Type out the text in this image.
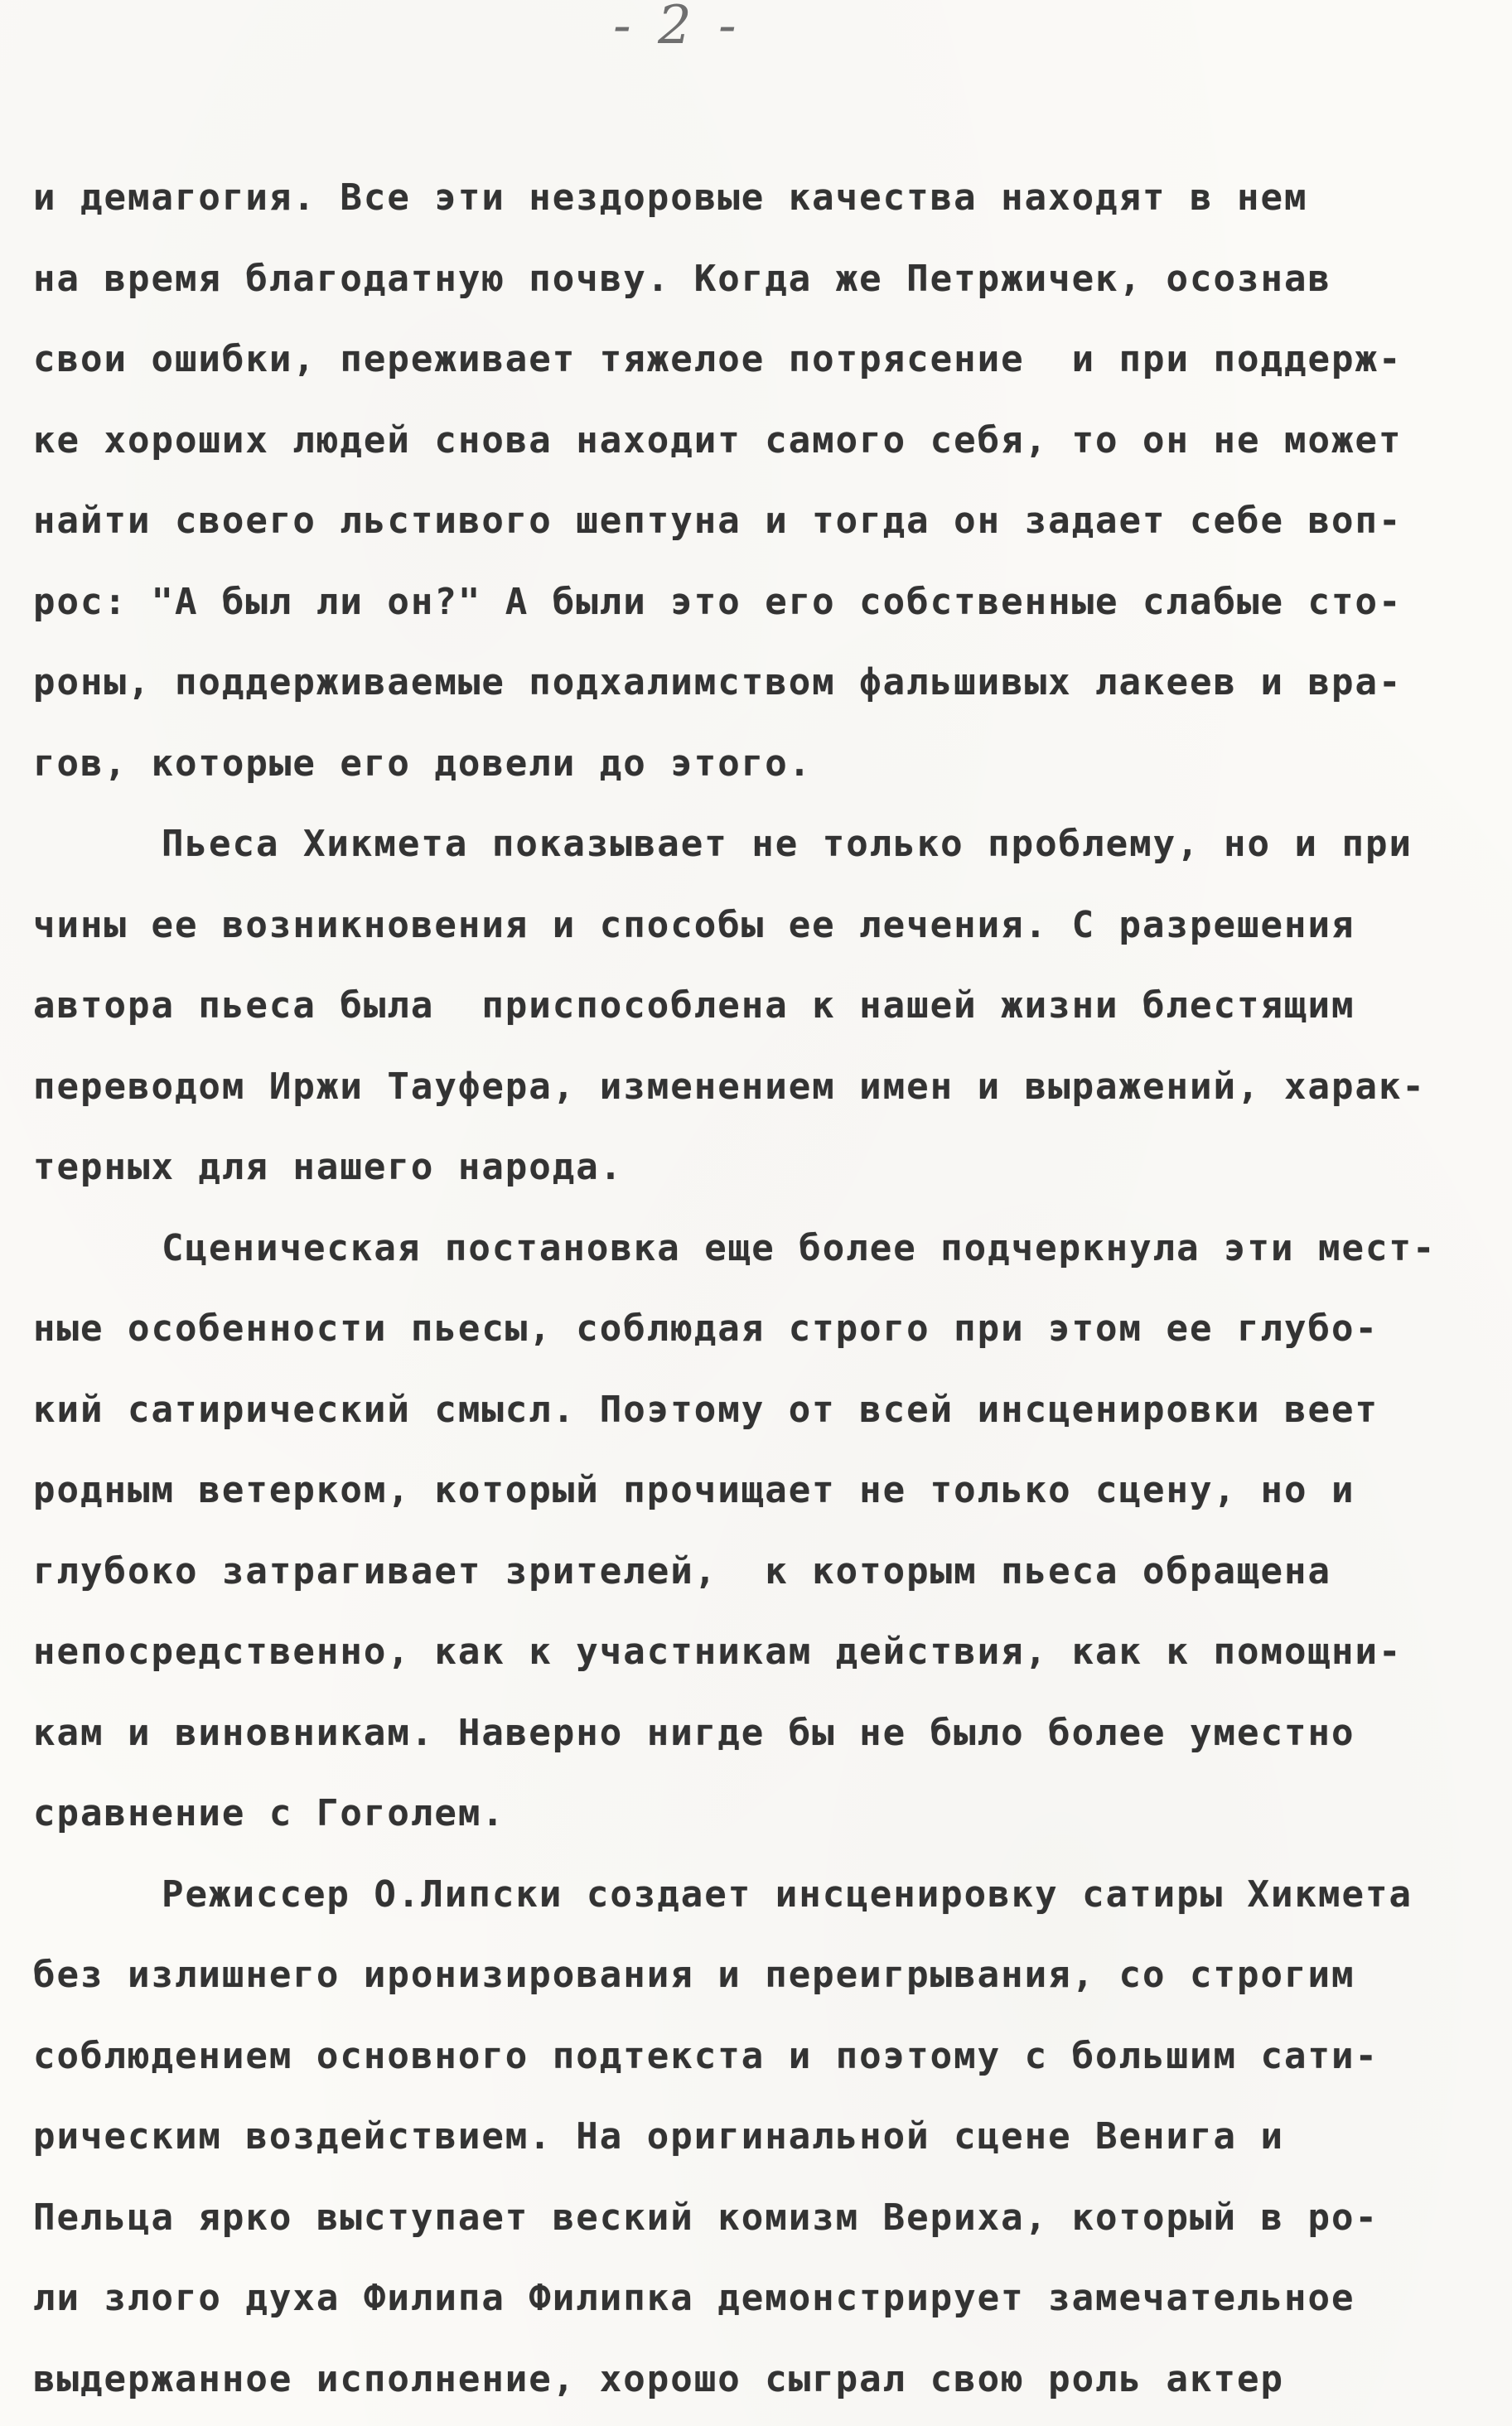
- 2 -
и демагогия. Все эти нездоровые качества находят в нем
на время благодатную почву. Когда же Петржичек, осознав
свои ошибки, переживает тяжелое потрясение  и при поддерж-
ке хороших людей снова находит самого себя, то он не может
найти своего льстивого шептуна и тогда он задает себе воп-
рос: "А был ли он?" А были это его собственные слабые сто-
роны, поддерживаемые подхалимством фальшивых лакеев и вра-
гов, которые его довели до этого.
Пьеса Хикмета показывает не только проблему, но и при
чины ее возникновения и способы ее лечения. С разрешения
автора пьеса была  приспособлена к нашей жизни блестящим
переводом Иржи Тауфера, изменением имен и выражений, харак-
терных для нашего народа.
Сценическая постановка еще более подчеркнула эти мест-
ные особенности пьесы, соблюдая строго при этом ее глубо-
кий сатирический смысл. Поэтому от всей инсценировки веет
родным ветерком, который прочищает не только сцену, но и
глубоко затрагивает зрителей,  к которым пьеса обращена
непосредственно, как к участникам действия, как к помощни-
кам и виновникам. Наверно нигде бы не было более уместно
сравнение с Гоголем.
Режиссер О.Липски создает инсценировку сатиры Хикмета
без излишнего иронизирования и переигрывания, со строгим
соблюдением основного подтекста и поэтому с большим сати-
рическим воздействием. На оригинальной сцене Венига и
Пельца ярко выступает веский комизм Вериха, который в ро-
ли злого духа Филипа Филипка демонстрирует замечательное
выдержанное исполнение, хорошо сыграл свою роль актер
